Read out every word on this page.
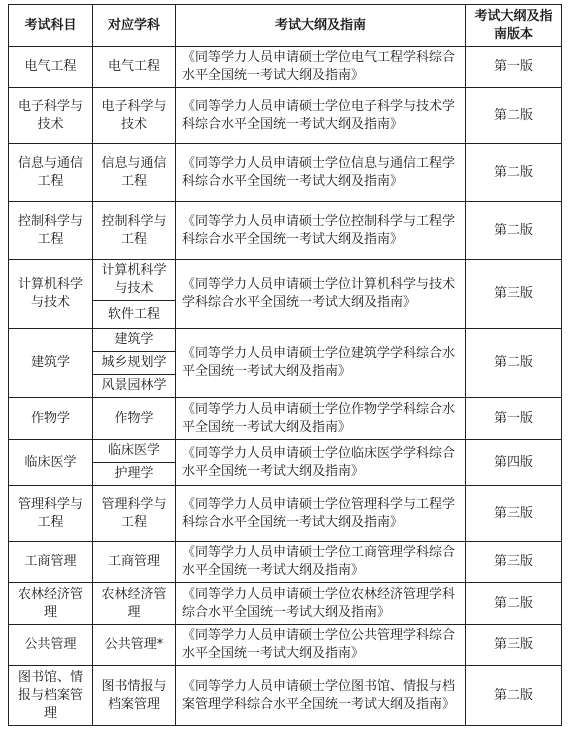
考试科目	对应学科	考试大纲及指南	考试大纲及指南版本
电气工程	电气工程	《同等学力人员申请硕士学位电气工程学科综合水平全国统一考试大纲及指南》	第一版
电子科学与技术	电子科学与技术	《同等学力人员申请硕士学位电子科学与技术学科综合水平全国统一考试大纲及指南》	第二版
信息与通信工程	信息与通信工程	《同等学力人员申请硕士学位信息与通信工程学科综合水平全国统一考试大纲及指南》	第二版
控制科学与工程	控制科学与工程	《同等学力人员申请硕士学位控制科学与工程学科综合水平全国统一考试大纲及指南》	第二版
计算机科学与技术	计算机科学与技术	《同等学力人员申请硕士学位计算机科学与技术学科综合水平全国统一考试大纲及指南》	第三版
	软件工程		
建筑学	建筑学	《同等学力人员申请硕士学位建筑学学科综合水平全国统一考试大纲及指南》	第二版
	城乡规划学		
	风景园林学		
作物学	作物学	《同等学力人员申请硕士学位作物学学科综合水平全国统一考试大纲及指南》	第一版
临床医学	临床医学	《同等学力人员申请硕士学位临床医学学科综合水平全国统一考试大纲及指南》	第四版
	护理学		
管理科学与工程	管理科学与工程	《同等学力人员申请硕士学位管理科学与工程学科综合水平全国统一考试大纲及指南》	第三版
工商管理	工商管理	《同等学力人员申请硕士学位工商管理学科综合水平全国统一考试大纲及指南》	第三版
农林经济管理	农林经济管理	《同等学力人员申请硕士学位农林经济管理学科综合水平全国统一考试大纲及指南》	第二版
公共管理	公共管理*	《同等学力人员申请硕士学位公共管理学科综合水平全国统一考试大纲及指南》	第三版
图书馆、情报与档案管理	图书情报与档案管理	《同等学力人员申请硕士学位图书馆、情报与档案管理学科综合水平全国统一考试大纲及指南》	第二版
